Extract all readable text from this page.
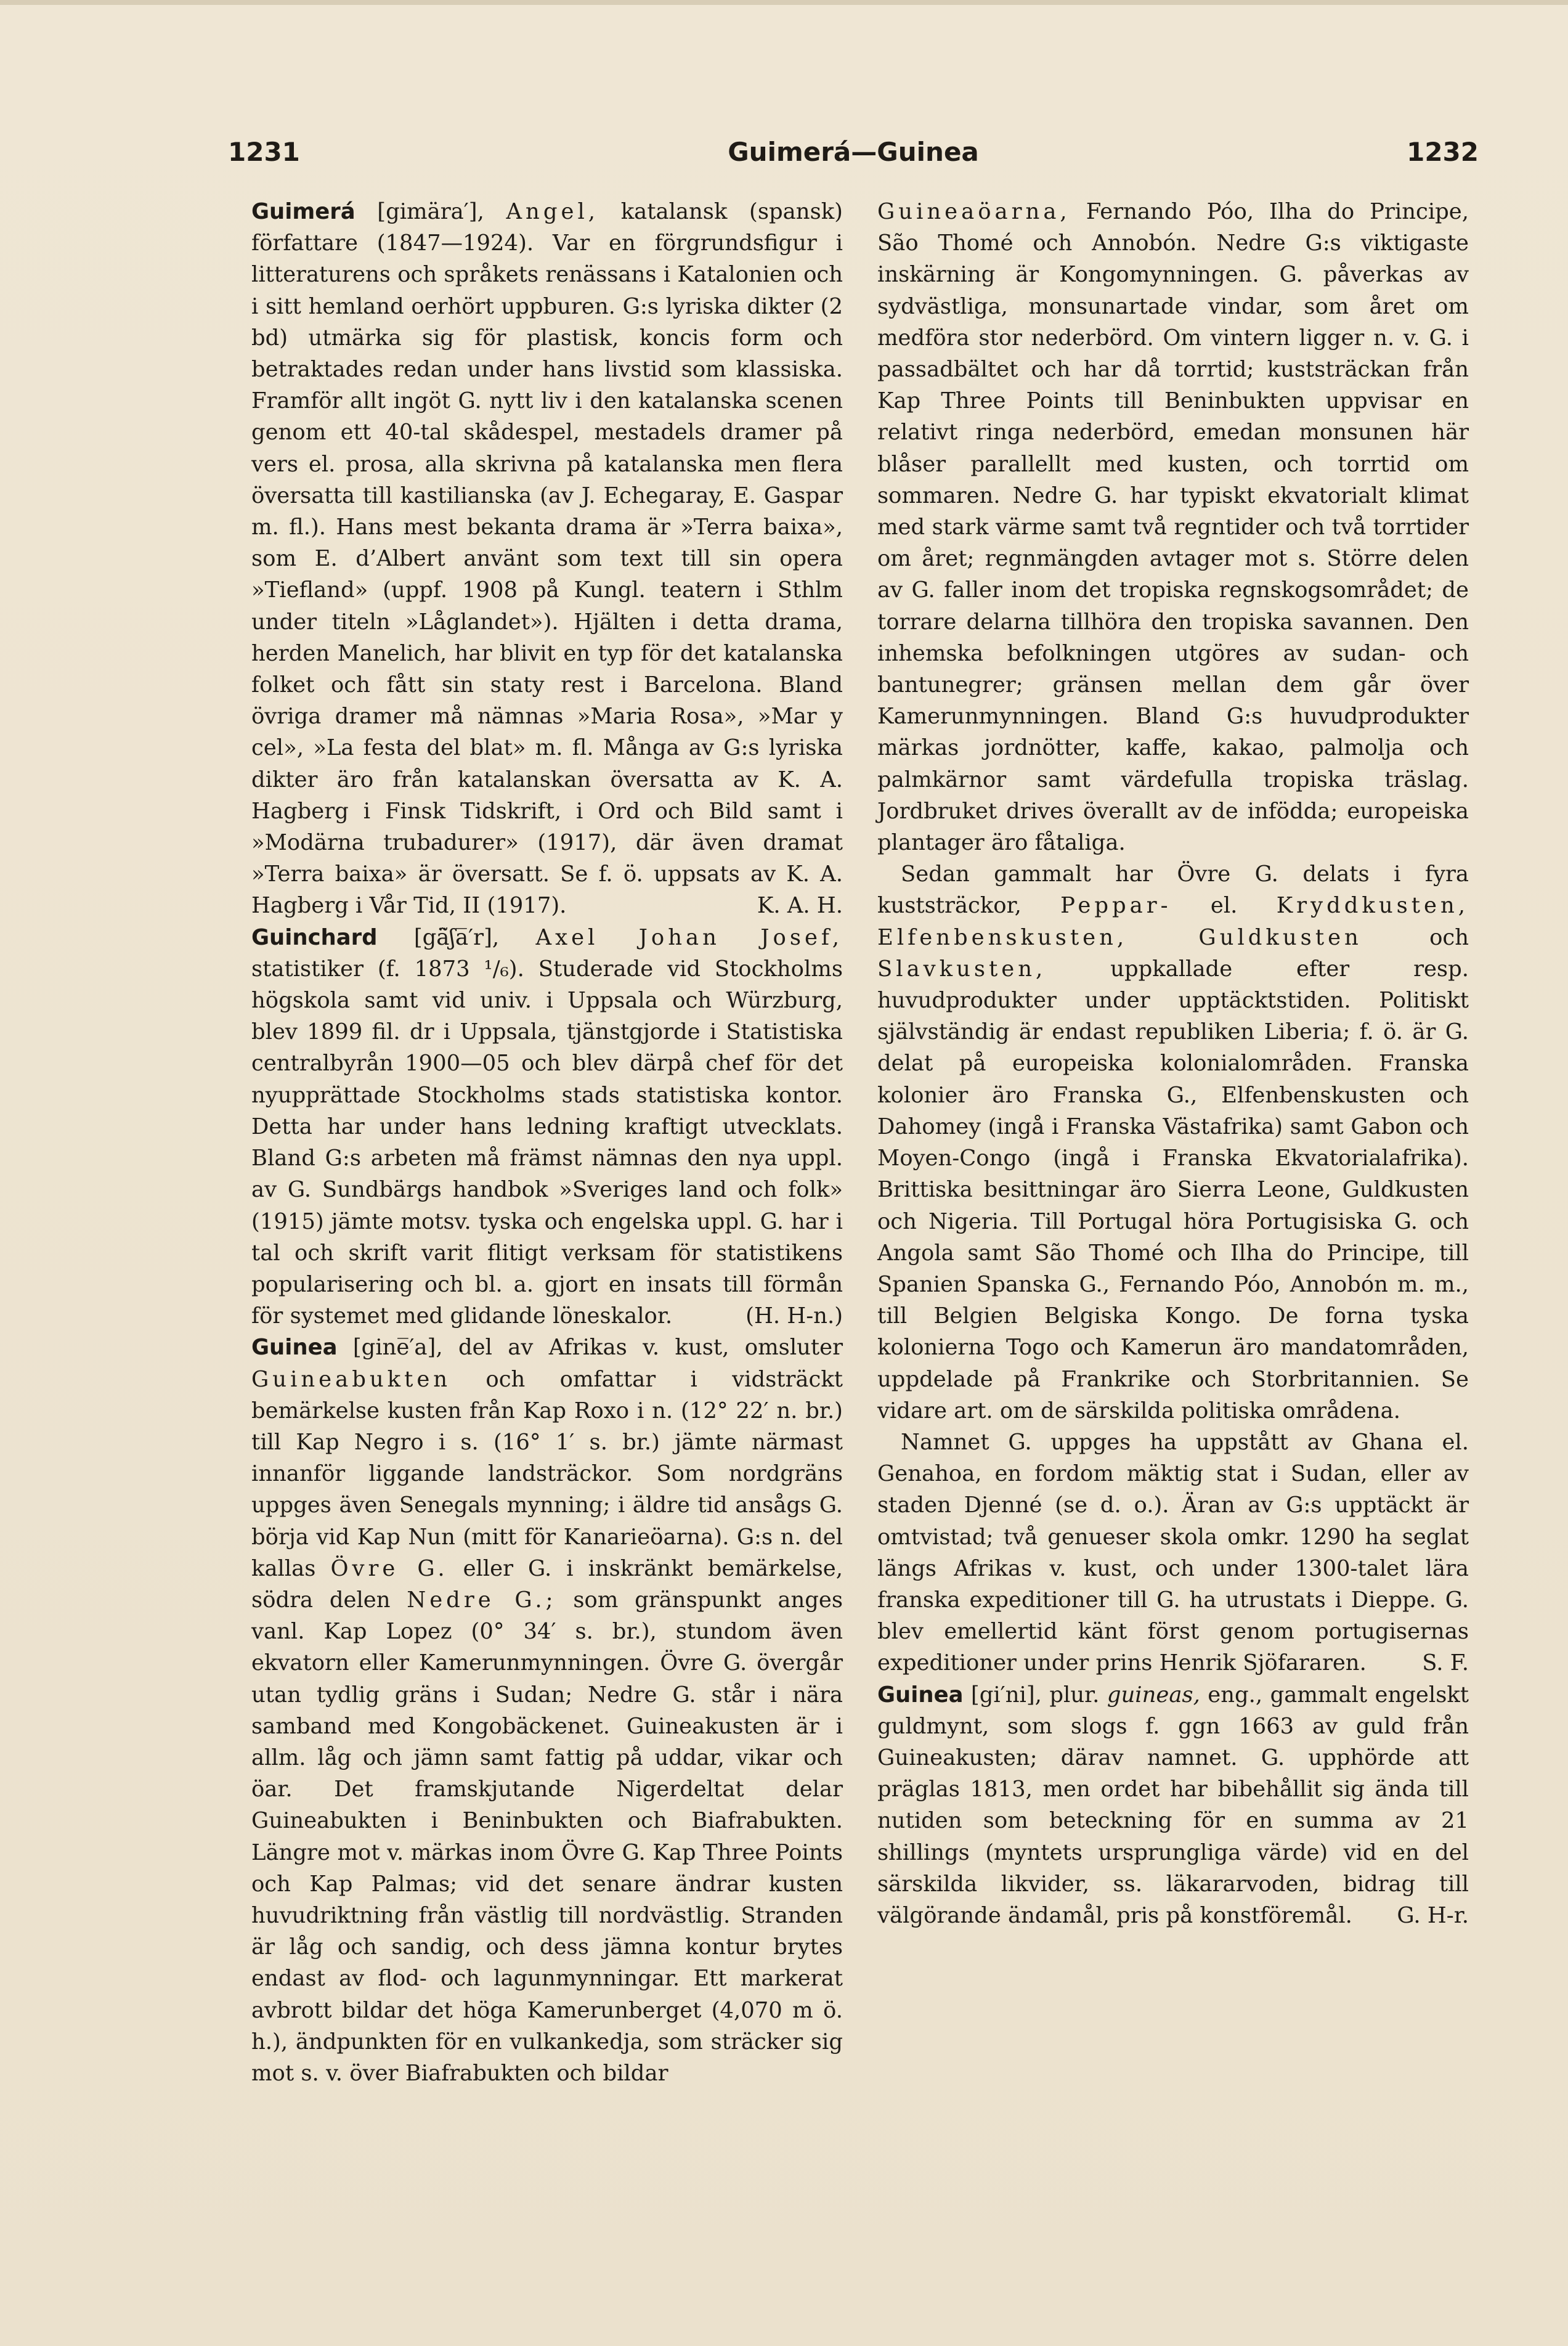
1231	Guimerá—Guinea	1232

Guimerá [gimära′], Angel, katalansk (spansk) författare (1847—1924). Var en förgrundsfigur i litteraturens och språkets renässans i Katalonien och i sitt hemland oerhört uppburen. G:s lyriska dikter (2 bd) utmärka sig för plastisk, koncis form och betraktades redan under hans livstid som klassiska. Framför allt ingöt G. nytt liv i den katalanska scenen genom ett 40-tal skådespel, mestadels dramer på vers el. prosa, alla skrivna på katalanska men flera översatta till kastilianska (av J. Echegaray, E. Gaspar m. fl.). Hans mest bekanta drama är »Terra baixa», som E. d’Albert använt som text till sin opera »Tiefland» (uppf. 1908 på Kungl. teatern i Sthlm under titeln »Låglandet»). Hjälten i detta drama, herden Manelich, har blivit en typ för det katalanska folket och fått sin staty rest i Barcelona. Bland övriga dramer må nämnas »Maria Rosa», »Mar y cel», »La festa del blat» m. fl. Många av G:s lyriska dikter äro från katalanskan översatta av K. A. Hagberg i Finsk Tidskrift, i Ord och Bild samt i »Modärna trubadurer» (1917), där även dramat »Terra baixa» är översatt. Se f. ö. uppsats av K. A. Hagberg i Vår Tid, II (1917).	K. A. H.

Guinchard [gä̃ʃa̅′r], Axel Johan Josef, statistiker (f. 1873 ¹/₆). Studerade vid Stockholms högskola samt vid univ. i Uppsala och Würzburg, blev 1899 fil. dr i Uppsala, tjänstgjorde i Statistiska centralbyrån 1900—05 och blev därpå chef för det nyupprättade Stockholms stads statistiska kontor. Detta har under hans ledning kraftigt utvecklats. Bland G:s arbeten må främst nämnas den nya uppl. av G. Sundbärgs handbok »Sveriges land och folk» (1915) jämte motsv. tyska och engelska uppl. G. har i tal och skrift varit flitigt verksam för statistikens popularisering och bl. a. gjort en insats till förmån för systemet med glidande löneskalor.	(H. H-n.)

Guinea [gine̅′a], del av Afrikas v. kust, omsluter Guineabukten och omfattar i vidsträckt bemärkelse kusten från Kap Roxo i n. (12° 22′ n. br.) till Kap Negro i s. (16° 1′ s. br.) jämte närmast innanför liggande landsträckor. Som nordgräns uppges även Senegals mynning; i äldre tid ansågs G. börja vid Kap Nun (mitt för Kanarieöarna). G:s n. del kallas Övre G. eller G. i inskränkt bemärkelse, södra delen Nedre G.; som gränspunkt anges vanl. Kap Lopez (0° 34′ s. br.), stundom även ekvatorn eller Kamerunmynningen. Övre G. övergår utan tydlig gräns i Sudan; Nedre G. står i nära samband med Kongobäckenet. Guineakusten är i allm. låg och jämn samt fattig på uddar, vikar och öar. Det framskjutande Nigerdeltat delar Guineabukten i Beninbukten och Biafrabukten. Längre mot v. märkas inom Övre G. Kap Three Points och Kap Palmas; vid det senare ändrar kusten huvudriktning från västlig till nordvästlig. Stranden är låg och sandig, och dess jämna kontur brytes endast av flod- och lagunmynningar. Ett markerat avbrott bildar det höga Kamerunberget (4,070 m ö. h.), ändpunkten för en vulkankedja, som sträcker sig mot s. v. över Biafrabukten och bildar

Guineaöarna, Fernando Póo, Ilha do Principe, São Thomé och Annobón. Nedre G:s viktigaste inskärning är Kongomynningen. G. påverkas av sydvästliga, monsunartade vindar, som året om medföra stor nederbörd. Om vintern ligger n. v. G. i passadbältet och har då torrtid; kuststräckan från Kap Three Points till Beninbukten uppvisar en relativt ringa nederbörd, emedan monsunen här blåser parallellt med kusten, och torrtid om sommaren. Nedre G. har typiskt ekvatorialt klimat med stark värme samt två regntider och två torrtider om året; regnmängden avtager mot s. Större delen av G. faller inom det tropiska regnskogsområdet; de torrare delarna tillhöra den tropiska savannen. Den inhemska befolkningen utgöres av sudan- och bantunegrer; gränsen mellan dem går över Kamerunmynningen. Bland G:s huvudprodukter märkas jordnötter, kaffe, kakao, palmolja och palmkärnor samt värdefulla tropiska träslag. Jordbruket drives överallt av de infödda; europeiska plantager äro fåtaliga.

Sedan gammalt har Övre G. delats i fyra kuststräckor, Peppar- el. Kryddkusten, Elfenbenskusten, Guldkusten	och Slavkusten,	uppkallade efter resp. huvudprodukter under upptäcktstiden. Politiskt självständig är endast republiken Liberia; f. ö. är G. delat på europeiska kolonialområden. Franska kolonier äro Franska G., Elfenbenskusten och Dahomey (ingå i Franska Västafrika) samt Gabon och Moyen-Congo (ingå i Franska Ekvatorialafrika). Brittiska besittningar äro Sierra Leone, Guldkusten och Nigeria. Till Portugal höra Portugisiska G. och Angola samt São Thomé och Ilha do Principe, till Spanien Spanska G., Fernando Póo, Annobón m. m., till Belgien Belgiska Kongo. De forna tyska kolonierna Togo och Kamerun äro mandatområden, uppdelade på Frankrike och Storbritannien. Se vidare art. om de särskilda politiska områdena.

Namnet G. uppges ha uppstått av Ghana el. Genahoa, en fordom mäktig stat i Sudan, eller av staden Djenné (se d. o.). Äran av G:s upptäckt är omtvistad; två genueser skola omkr. 1290 ha seglat längs Afrikas v. kust, och under 1300-talet lära franska expeditioner till G. ha utrustats i Dieppe. G. blev emellertid känt först genom portugisernas expeditioner under prins Henrik Sjöfararen.	S. F.

Guinea [gi′ni], plur. guineas, eng., gammalt engelskt guldmynt, som slogs f. ggn 1663 av guld från Guineakusten; därav namnet. G. upphörde att präglas 1813, men ordet har bibehållit sig ända till nutiden som beteckning för en summa av 21 shillings (myntets ursprungliga värde) vid en del särskilda likvider, ss. läkararvoden, bidrag till välgörande ändamål, pris på konstföremål. G. H-r.
